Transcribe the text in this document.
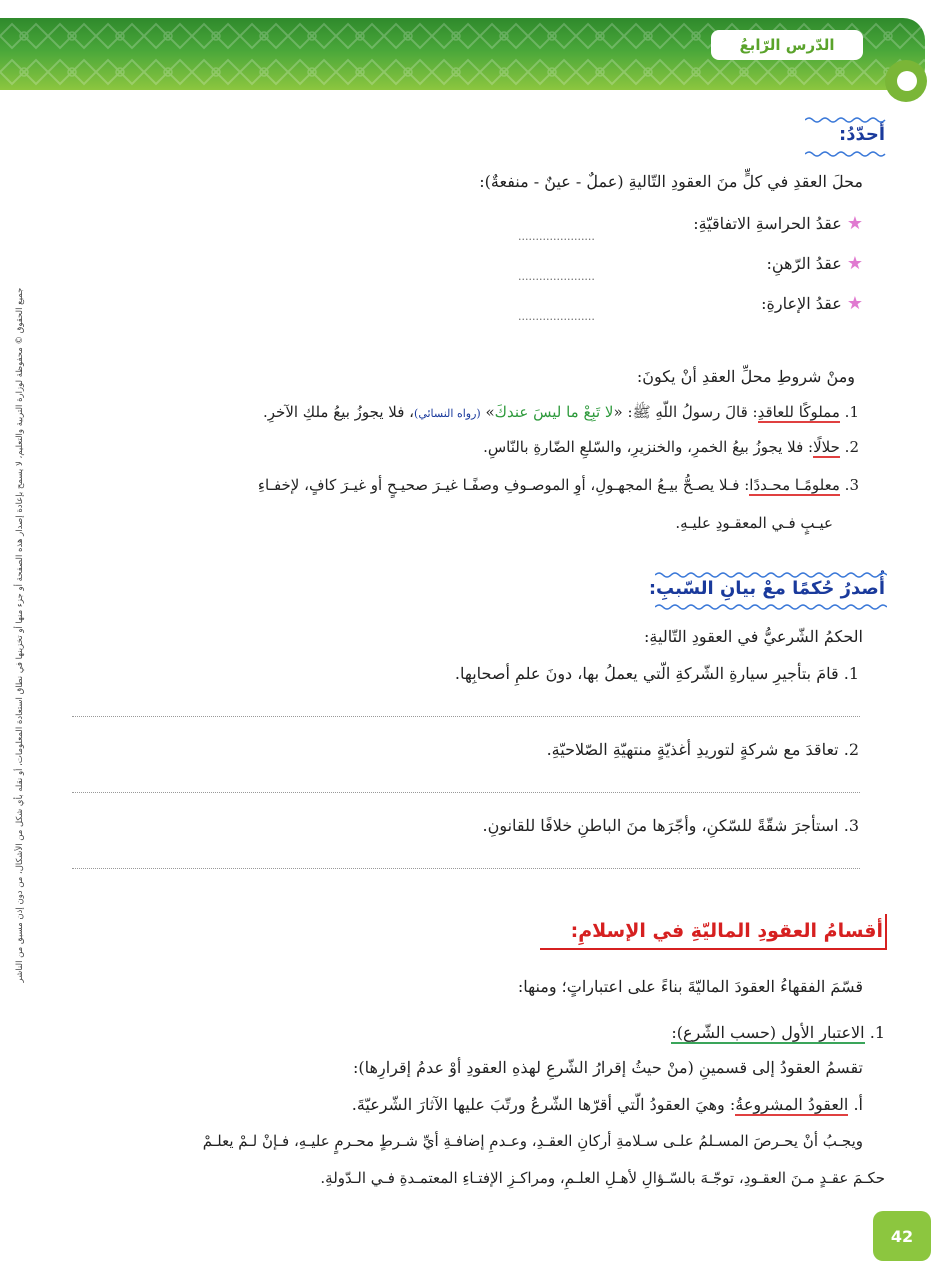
الدّرس الرّابعُ
جميع الحقوق © محفوظة لوزارة التربية والتعليم، لا يسمح بإعادة إصدار هذه الصفحة أو جزء منها أو تخزينها في نطاق استعادة المعلومات، أو نقله بأي شكل من الأشكال، من دون إذن مسبق من الناشر
أحدّدُ:
محلَ العقدِ في كلٍّ منَ العقودِ التّاليةِ (عملٌ - عينٌ - منفعةٌ):
★ عقدُ الحراسةِ الاتفاقيّةِ:
......................
★ عقدُ الرّهنِ:
......................
★ عقدُ الإعارةِ:
......................
ومنْ شروطِ محلِّ العقدِ أنْ يكونَ:
1. مملوكًا للعاقدِ: قالَ رسولُ اللّهِ ﷺ: «لا تَبِعْ ما ليسَ عندكَ» (رواه النسائي)، فلا يجوزُ بيعُ ملكِ الآخرِ.
2. حلالًا: فلا يجوزُ بيعُ الخمرِ، والخنزيرِ، والسّلعِ الضّارةِ بالنّاسِ.
3. معلومًـا محـددًا: فـلا يصـحُّ بيـعُ المجهـولِ، أوِ الموصـوفِ وصفًـا غيـرَ صحيـحٍ أو غيـرَ كافٍ، لإخفـاءِ
عيـبٍ فـي المعقـودِ عليـهِ.
أُصدرُ حُكمًا معْ بيانِ السّببِ:
الحكمُ الشّرعيُّ في العقودِ التّاليةِ:
1. قامَ بتأجيرِ سيارةِ الشّركةِ الّتي يعملُ بها، دونَ علمِ أصحابِها.
2. تعاقدَ مع شركةٍ لتوريدِ أغذيّةٍ منتهيّةِ الصّلاحيّةِ.
3. استأجرَ شقّةً للسّكنِ، وأجّرَها منَ الباطنِ خلافًا للقانونِ.
أقسامُ العقودِ الماليّةِ في الإسلامِ:
قسّمَ الفقهاءُ العقودَ الماليّةَ بناءً على اعتباراتٍ؛ ومنها:
1. الاعتبار الأول (حسب الشّرع):
تقسمُ العقودُ إلى قسمينِ (منْ حيثُ إقرارُ الشّرعِ لهذهِ العقودِ أوْ عدمُ إقرارِها):
أ. العقودُ المشروعةُ: وهيَ العقودُ الّتي أقرّها الشّرعُ ورتّبَ عليها الآثارَ الشّرعيّةَ.
ويجـبُ أنْ يحـرصَ المسـلمُ علـى سـلامةِ أركانِ العقـدِ، وعـدمِ إضافـةِ أيِّ شـرطٍ محـرمٍ عليـهِ، فـإنْ لـمْ يعلـمْ
حكـمَ عقـدٍ مـنَ العقـودِ، توجّـهَ بالسّـؤالِ لأهـلِ العلـمِ، ومراكـزِ الإفتـاءِ المعتمـدةِ فـي الـدّولةِ.
42
